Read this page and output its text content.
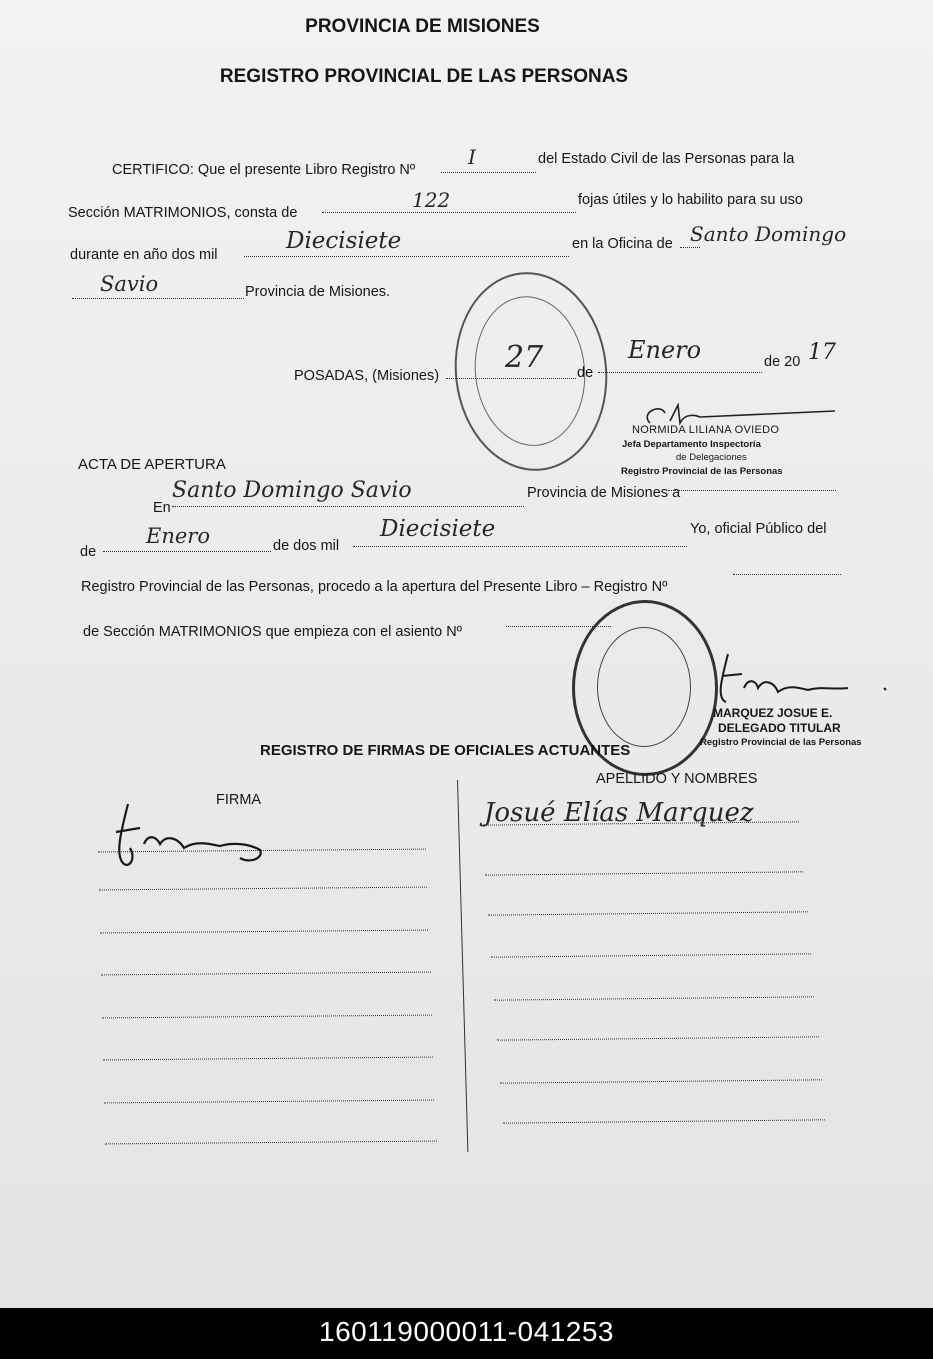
PROVINCIA DE MISIONES
REGISTRO PROVINCIAL DE LAS PERSONAS
CERTIFICO: Que el presente Libro Registro Nº
I	del Estado Civil de las Personas para la
Sección MATRIMONIOS, consta de
122	fojas útiles y lo habilito para su uso
durante en año dos mil
Diecisiete	en la Oficina de Santo Domingo
Savio	Provincia de Misiones.
POSADAS, (Misiones)
27 de
Enero	de 20 17
NORMIDA LILIANA OVIEDO
Jefa Departamento Inspectoría
de Delegaciones
Registro Provincial de las Personas
ACTA DE APERTURA
En
Santo Domingo Savio	Provincia de Misiones a
de
Enero	de dos mil
Diecisiete	Yo, oficial Público del
Registro Provincial de las Personas, procedo a la apertura del Presente Libro – Registro Nº
de Sección MATRIMONIOS que empieza con el asiento Nº
MARQUEZ JOSUE E.
DELEGADO TITULAR
Registro Provincial de las Personas
REGISTRO DE FIRMAS DE OFICIALES ACTUANTES
FIRMA
APELLIDO Y NOMBRES
Josué Elías Marquez
160119000011-041253
